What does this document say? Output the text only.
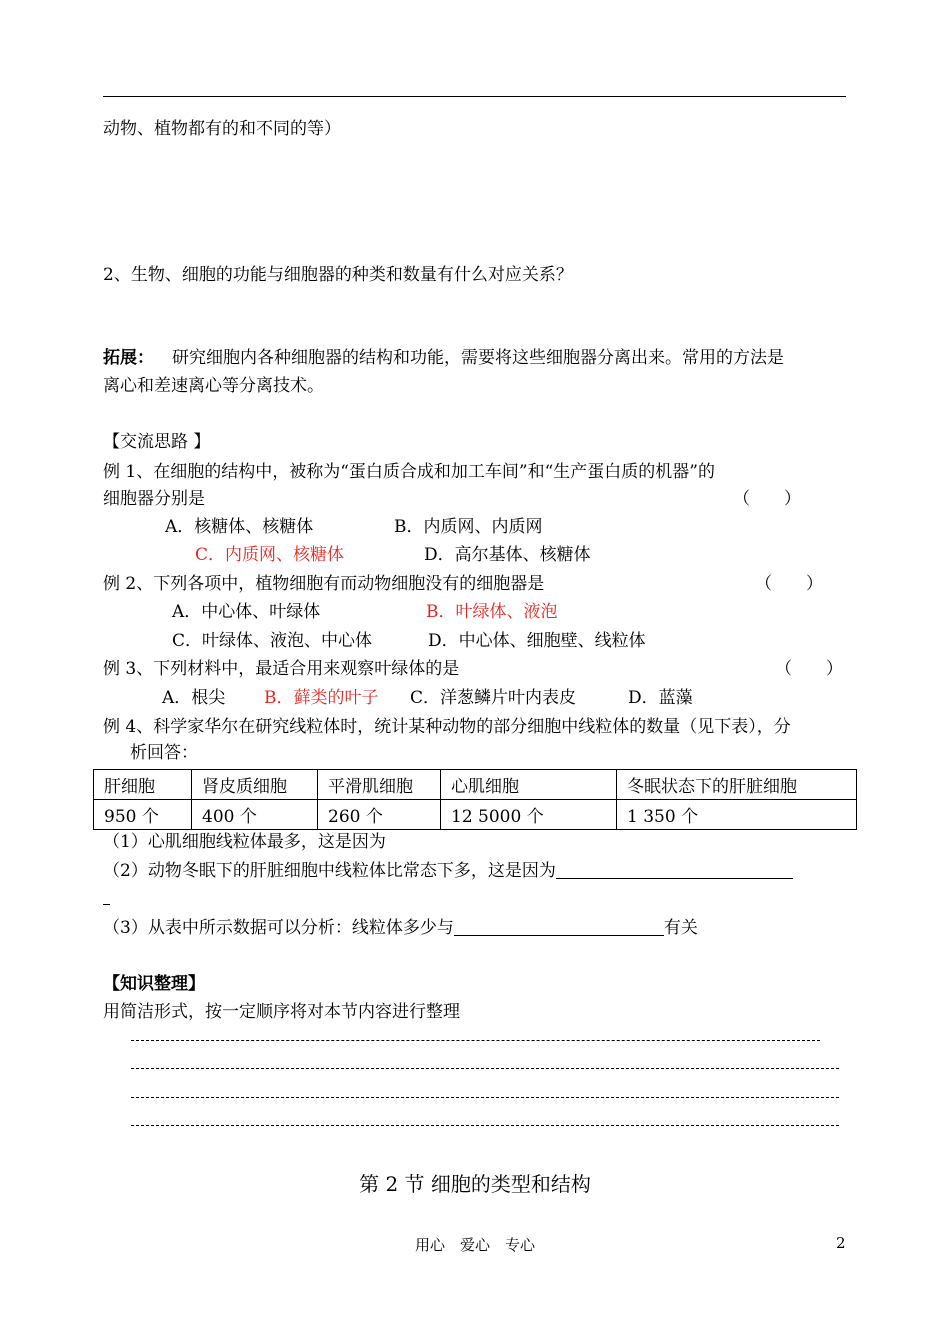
动物、植物都有的和不同的等）
2、生物、细胞的功能与细胞器的种类和数量有什么对应关系？
拓展： 研究细胞内各种细胞器的结构和功能，需要将这些细胞器分离出来。常用的方法是
离心和差速离心等分离技术。
【交流思路 】
例 1、在细胞的结构中，被称为“蛋白质合成和加工车间”和“生产蛋白质的机器”的
细胞器分别是	（　　）
A．核糖体、核糖体	B．内质网、内质网
C．内质网、核糖体	D．高尔基体、核糖体
例 2、下列各项中，植物细胞有而动物细胞没有的细胞器是	（　　）
A．中心体、叶绿体	B．叶绿体、液泡
C．叶绿体、液泡、中心体	D．中心体、细胞壁、线粒体
例 3、下列材料中，最适合用来观察叶绿体的是	（　　）
A．根尖 B．藓类的叶子 C．洋葱鳞片叶内表皮	D．蓝藻
例 4、科学家华尔在研究线粒体时，统计某种动物的部分细胞中线粒体的数量（见下表），分
析回答：
肝细胞	肾皮质细胞	平滑肌细胞	心肌细胞	冬眠状态下的肝脏细胞
950 个	400 个	260 个	12 5000 个	1 350 个
（1）心肌细胞线粒体最多，这是因为
（2）动物冬眠下的肝脏细胞中线粒体比常态下多，这是因为
（3）从表中所示数据可以分析：线粒体多少与	有关
【知识整理】
用简洁形式，按一定顺序将对本节内容进行整理
第 2 节 细胞的类型和结构
用心　爱心　专心	2
